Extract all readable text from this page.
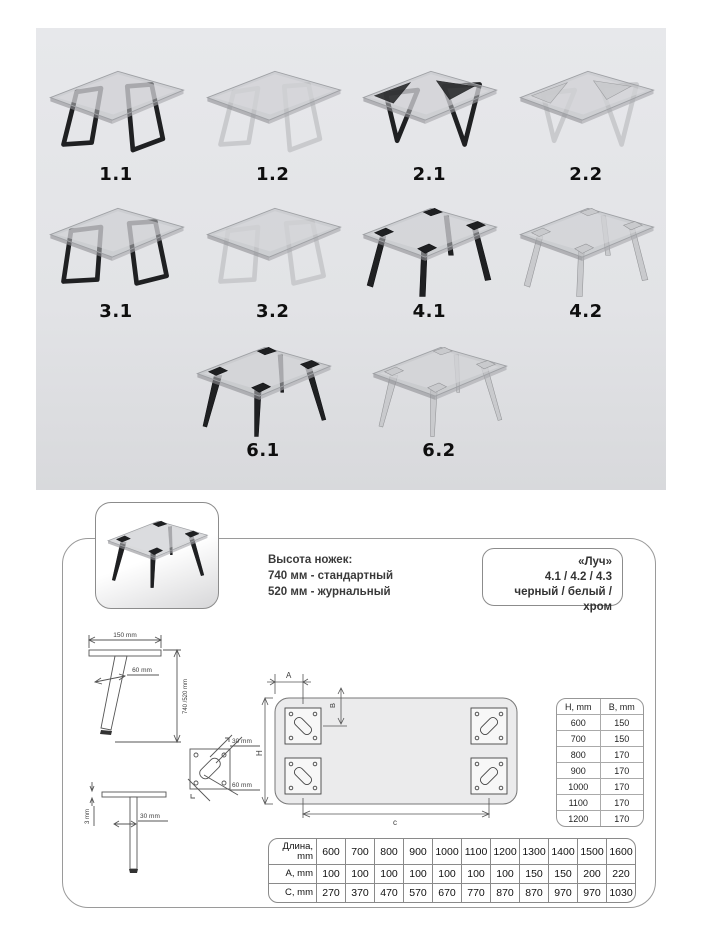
1.1	1.2	2.1	2.2
3.1	3.2	4.1	4.2
6.1	6.2
Высота ножек:
740 мм - стандартный
520 мм - журнальный
«Луч»
4.1 / 4.2 / 4.3
черный / белый / хром
150 mm
60 mm
740 /520 mm
30 mm
60 mm
3 mm	30 mm
A
B
H
c
H, mm	B, mm
600	150
700	150
800	170
900	170
1000	170
1100	170
1200	170
Длина,
mm 600	700	800	900 1000 1100 1200 1300 1400 1500 1600
A, mm 100	100	100	100	100	100	100	150	150	200	220
C, mm 270	370	470	570	670	770	870	870	970	970 1030
